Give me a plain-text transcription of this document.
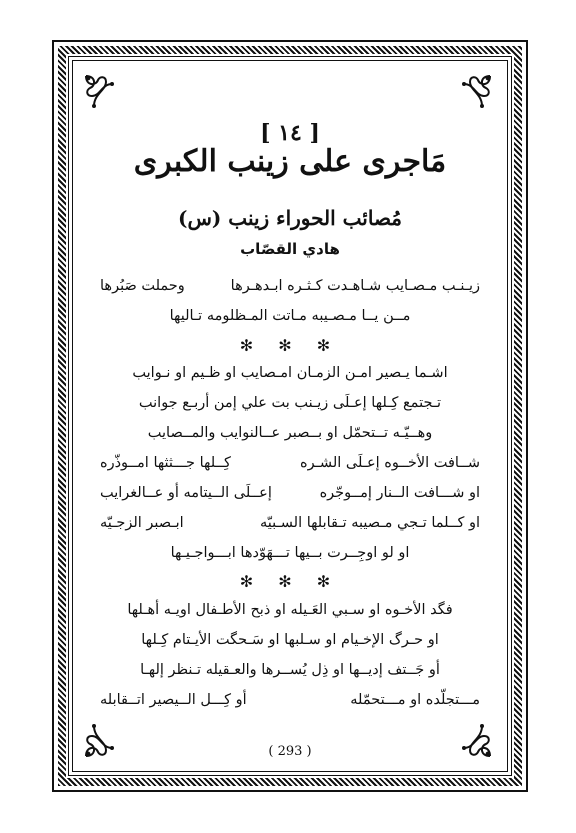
[ ١٤ ]
مَاجرى على زينب الكبرى
مُصائب الحوراء زينب (س)
هادي القصّاب
زيـنـب مـصـايب شـاهـدت كـثـره ابـدهـرها
وحملت صَبُرها
مــن يــا مـصـيبه مـاتت المـظلومه تـاليها
✻ ✻ ✻
اشـما يـصير امـن الزمـان امـصايب او ظـيم او نـوايب
تـجتمع كِـلها إعـلَى زيـنب بت علي إمن أربـع جوانب
وهــيّـه تــتحمّل او بــصبر عــالنوايب والمــصايب
شــافت الأخــوه إعـلَى الشـره
كِــلها جـــثثها امــوذّره
او شـــافت الــنار إمــوجّره
إعــلَى الــيتامه أو عــالغرايب
او كــلما تـجي مـصيبه تـقابلها السـبيّه
ابـصبر الزجـيّه
او لو اوجِــرت بــيها تـــهَوّدها ابـــواجـيـها
✻ ✻ ✻
فگد الأخـوه او سـبي العَـيله او ذبح الأطـفال اويـه أهـلها
او حـرگ الإخـيام او سـلبها او سَـحگت الأيـتام كِـلها
أو جَــتف إديــها او ذِل يُســرها والعـقيله تـنظر إلهـا
مـــتجلّده او مـــتحمّله
أو كِـــل الــيصير اتــقابله
( 293 )
